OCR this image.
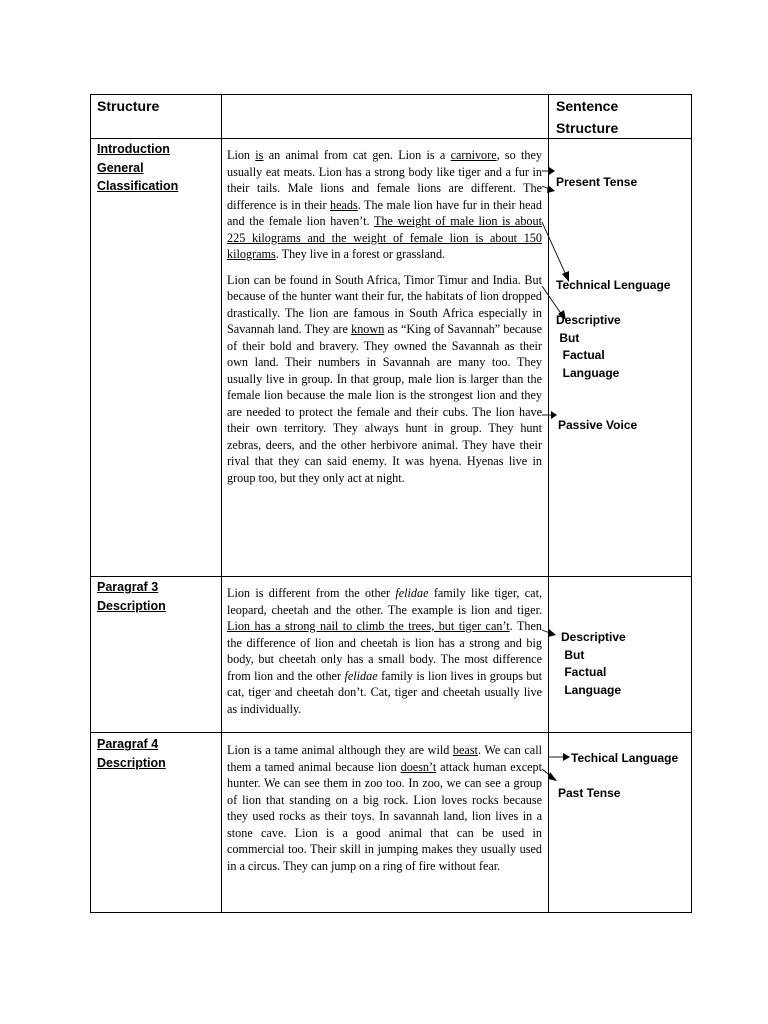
Structure	Sentence
Structure
Introduction
General
Classification
Paragraf 3
Description
Paragraf 4
Description

Lion is an animal from cat gen. Lion is a carnivore, so they usually eat meats. Lion has a strong body like tiger and a fur in their tails. Male lions and female lions are different. The difference is in their heads. The male lion have fur in their head and the female lion haven’t. The weight of male lion is about 225 kilograms and the weight of female lion is about 150 kilograms. They live in a forest or grassland.

Lion can be found in South Africa, Timor Timur and India. But because of the hunter want their fur, the habitats of lion dropped drastically. The lion are famous in South Africa especially in Savannah land. They are known as “King of Savannah” because of their bold and bravery. They owned the Savannah as their own land. Their numbers in Savannah are many too. They usually live in group. In that group, male lion is larger than the female lion because the male lion is the strongest lion and they are needed to protect the female and their cubs. The lion have their own territory. They always hunt in group. They hunt zebras, deers, and the other herbivore animal. They have their rival that they can said enemy. It was hyena. Hyenas live in group too, but they only act at night.

Lion is different from the other felidae family like tiger, cat, leopard, cheetah and the other. The example is lion and tiger. Lion has a strong nail to climb the trees, but tiger can’t. Then the difference of lion and cheetah is lion has a strong and big body, but cheetah only has a small body. The most difference from lion and the other felidae family is lion lives in groups but cat, tiger and cheetah don’t. Cat, tiger and cheetah usually live as individually.

Lion is a tame animal although they are wild beast. We can call them a tamed animal because lion doesn’t attack human except hunter. We can see them in zoo too. In zoo, we can see a group of lion that standing on a big rock. Lion loves rocks because they used rocks as their toys. In savannah land, lion lives in a stone cave. Lion is a good animal that can be used in commercial too. Their skill in jumping makes they usually used in a circus. They can jump on a ring of fire without fear.

Present Tense
Technical Lenguage
Descriptive
But
Factual
Language
Passive Voice
Descriptive
But
Factual
Language
Techical Language
Past Tense
